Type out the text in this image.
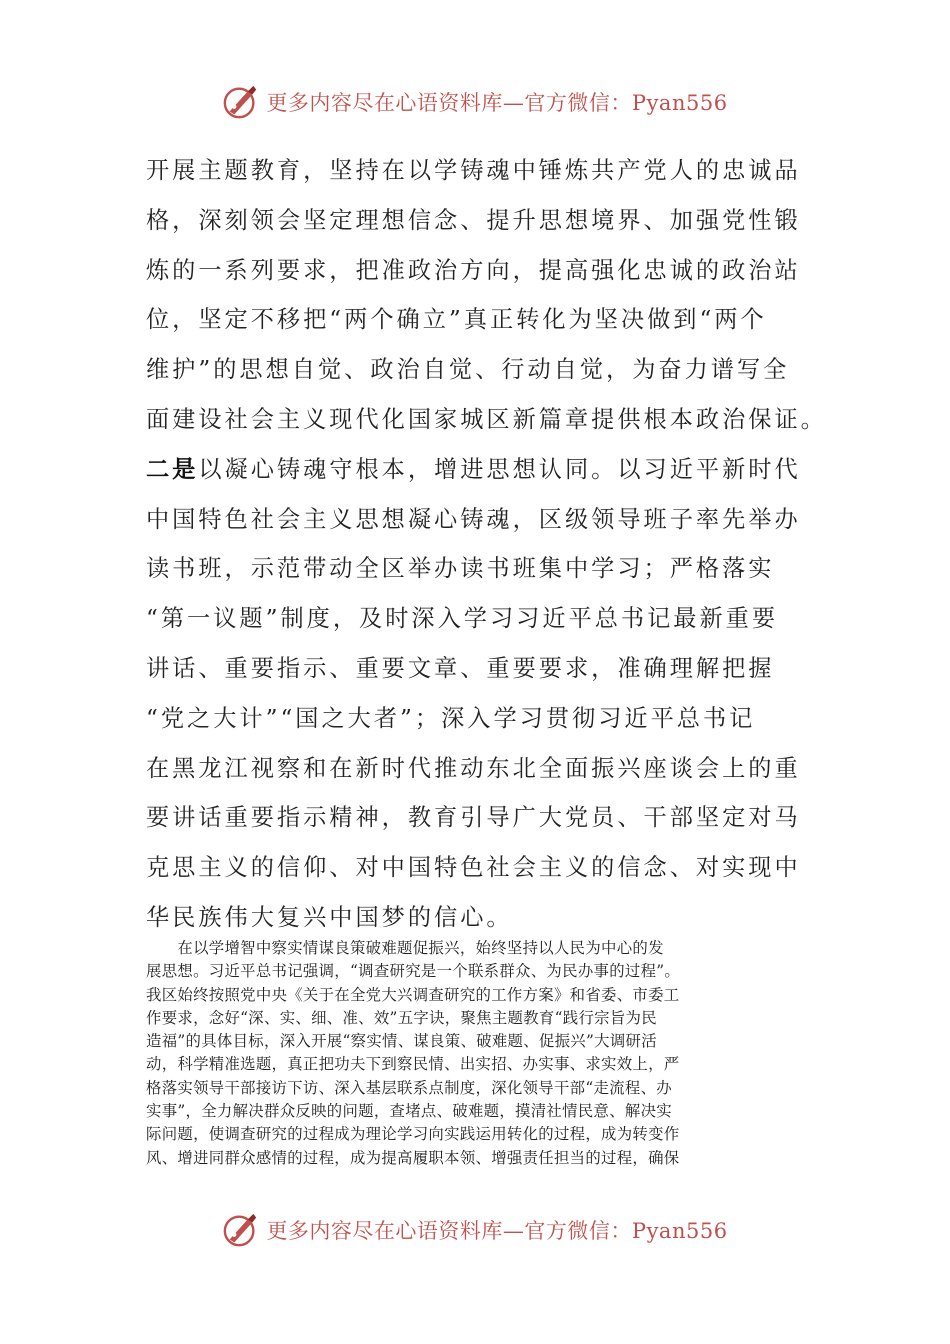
更多内容尽在心语资料库—官方微信：Pyan556
开展主题教育，坚持在以学铸魂中锤炼共产党人的忠诚品
格，深刻领会坚定理想信念、提升思想境界、加强党性锻
炼的一系列要求，把准政治方向，提高强化忠诚的政治站
位，坚定不移把“两个确立”真正转化为坚决做到“两个
维护”的思想自觉、政治自觉、行动自觉，为奋力谱写全
面建设社会主义现代化国家城区新篇章提供根本政治保证。
二是以凝心铸魂守根本，增进思想认同。以习近平新时代
中国特色社会主义思想凝心铸魂，区级领导班子率先举办
读书班，示范带动全区举办读书班集中学习；严格落实
“第一议题”制度，及时深入学习习近平总书记最新重要
讲话、重要指示、重要文章、重要要求，准确理解把握
“党之大计”“国之大者”；深入学习贯彻习近平总书记
在黑龙江视察和在新时代推动东北全面振兴座谈会上的重
要讲话重要指示精神，教育引导广大党员、干部坚定对马
克思主义的信仰、对中国特色社会主义的信念、对实现中
华民族伟大复兴中国梦的信心。
　　在以学增智中察实情谋良策破难题促振兴，始终坚持以人民为中心的发
展思想。习近平总书记强调，“调查研究是一个联系群众、为民办事的过程”。
我区始终按照党中央《关于在全党大兴调查研究的工作方案》和省委、市委工
作要求，念好“深、实、细、准、效”五字诀，聚焦主题教育“践行宗旨为民
造福”的具体目标，深入开展“察实情、谋良策、破难题、促振兴”大调研活
动，科学精准选题，真正把功夫下到察民情、出实招、办实事、求实效上，严
格落实领导干部接访下访、深入基层联系点制度，深化领导干部“走流程、办
实事”，全力解决群众反映的问题，查堵点、破难题，摸清社情民意、解决实
际问题，使调查研究的过程成为理论学习向实践运用转化的过程，成为转变作
风、增进同群众感情的过程，成为提高履职本领、增强责任担当的过程，确保
更多内容尽在心语资料库—官方微信：Pyan556
